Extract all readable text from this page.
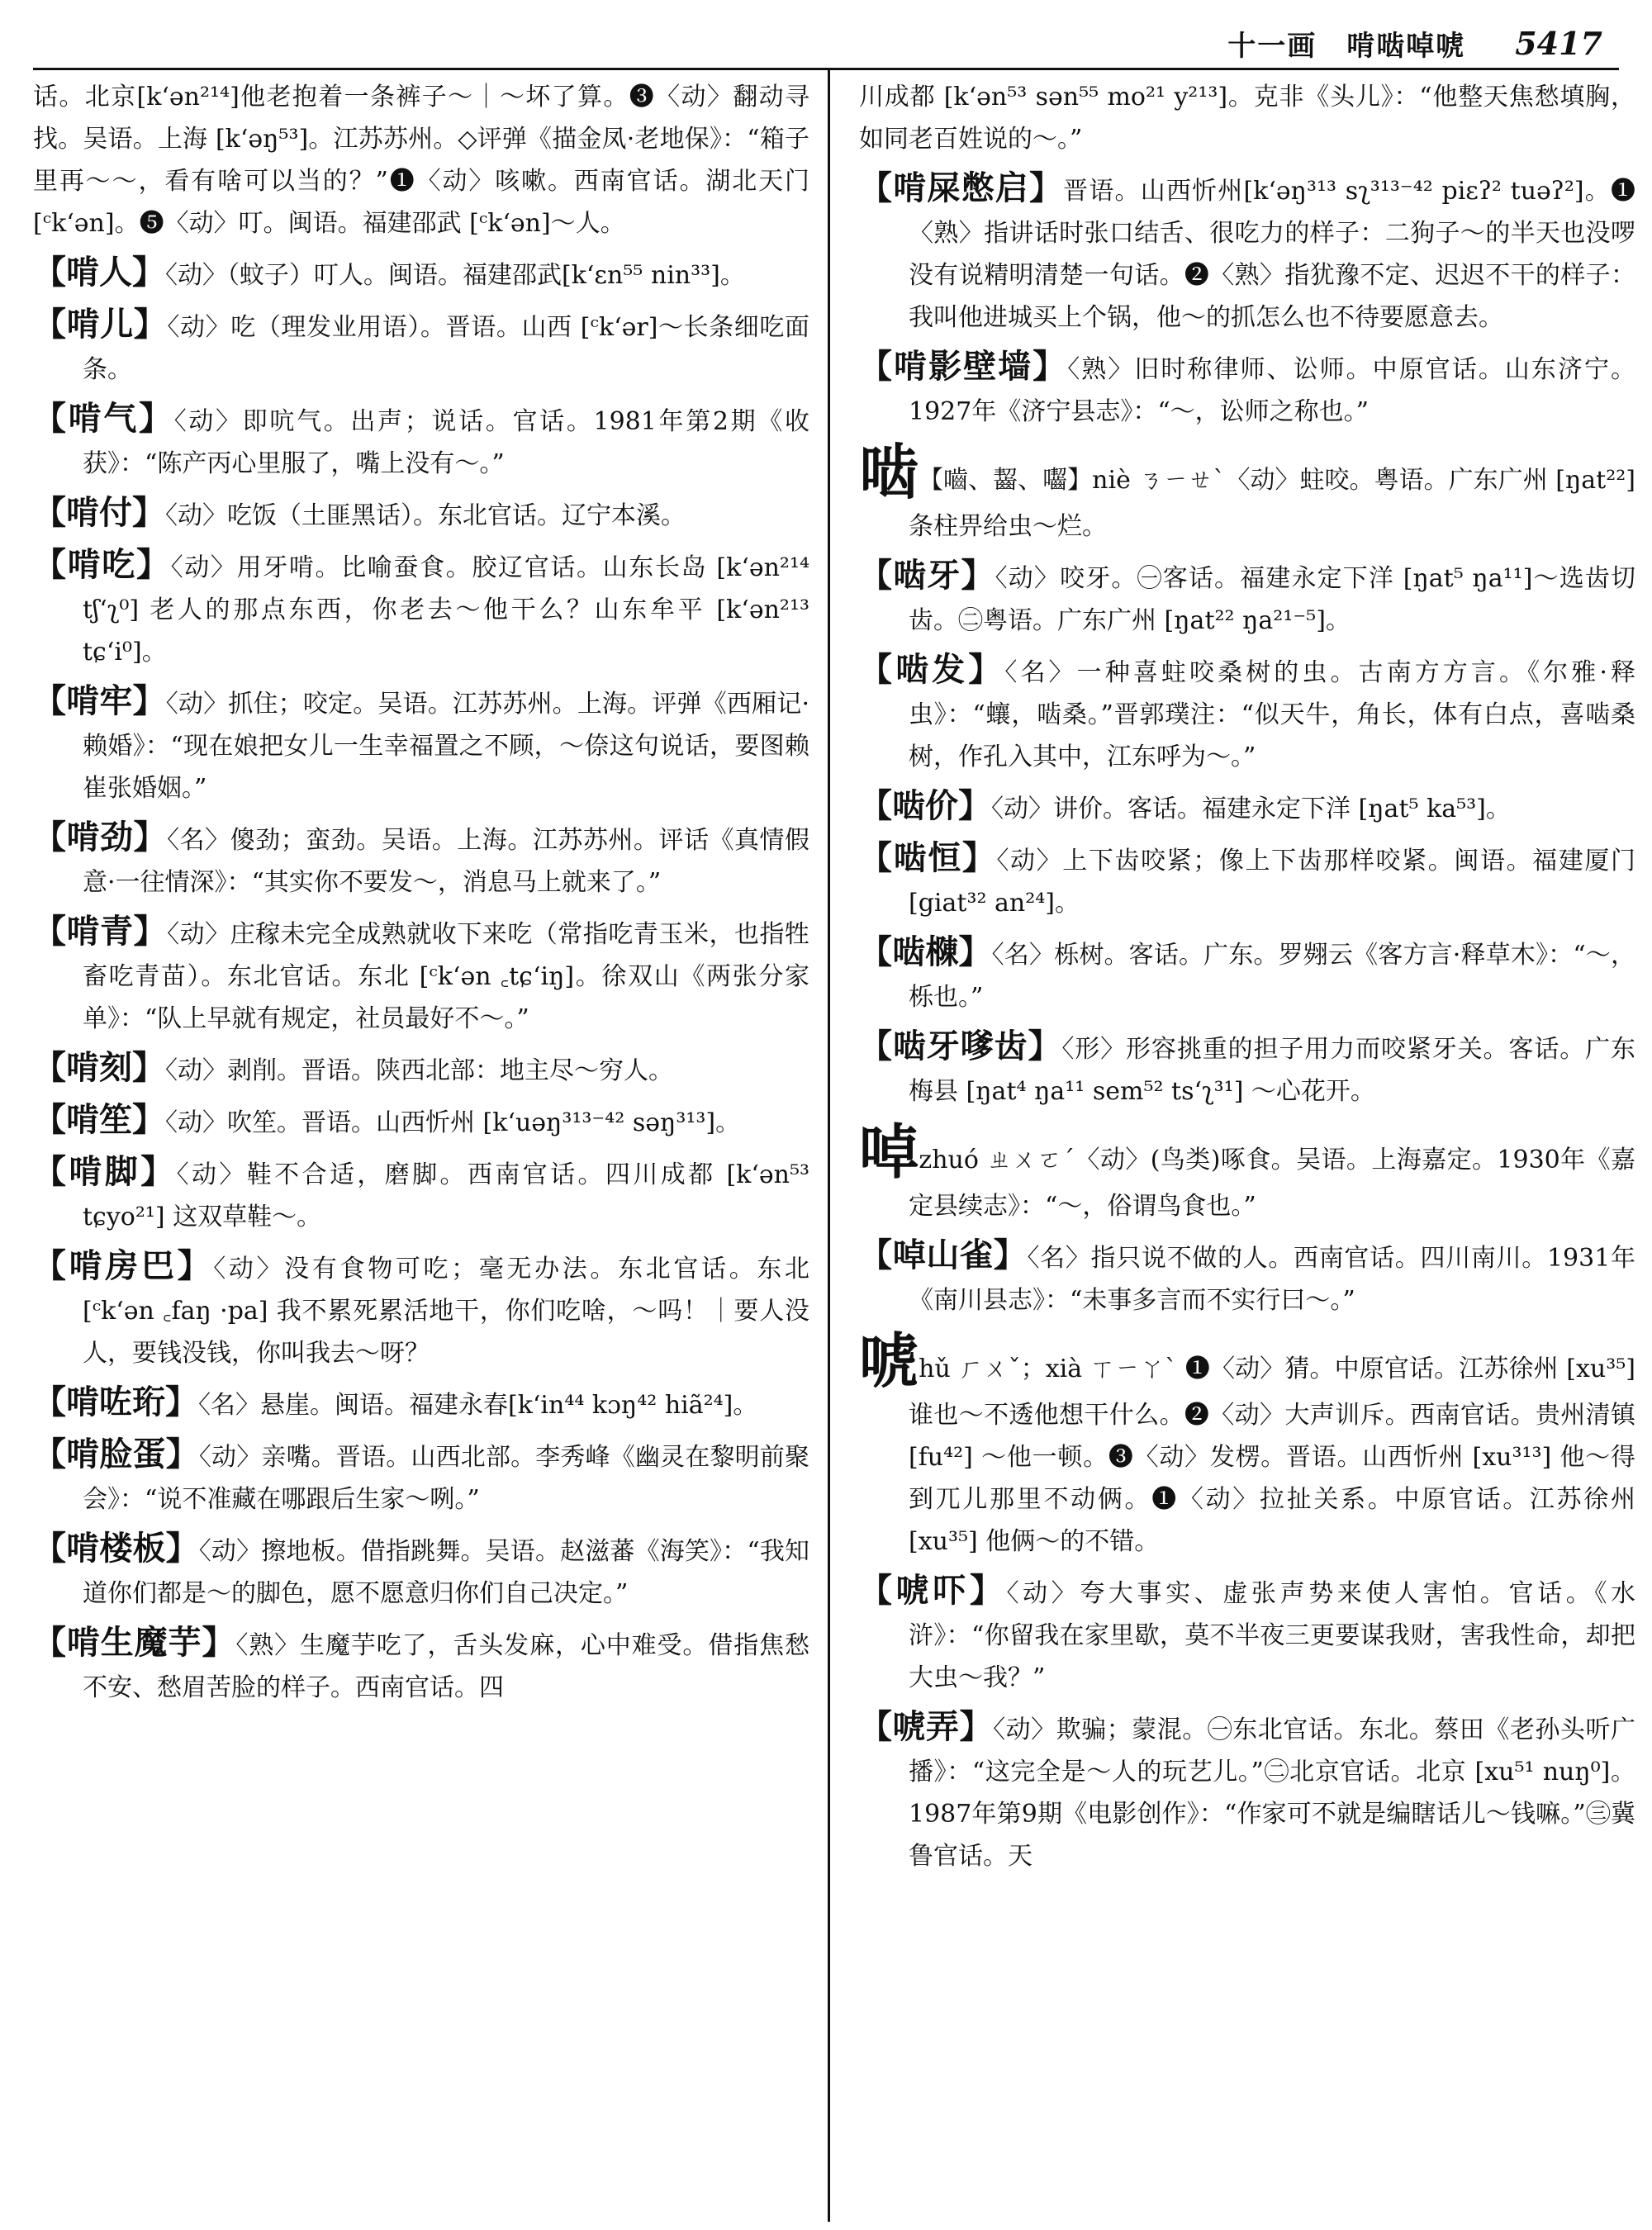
十一画　啃啮啅唬 5417

话。北京[k‘ən²¹⁴]他老抱着一条裤子～｜～坏了算。❸〈动〉翻动寻找。吴语。上海 [k‘əŋ⁵³]。江苏苏州。◇评弹《描金凤·老地保》：“箱子里再～～，看有啥可以当的？”❶〈动〉咳嗽。西南官话。湖北天门[ᶜk‘ən]。❺〈动〉叮。闽语。福建邵武 [ᶜk‘ən]～人。

【啃人】〈动〉（蚊子）叮人。闽语。福建邵武[k‘ɛn⁵⁵ nin³³]。

【啃儿】〈动〉吃（理发业用语）。晋语。山西 [ᶜk‘ər]～长条细吃面条。

【啃气】〈动〉即吭气。出声；说话。官话。1981年第2期《收获》：“陈产丙心里服了，嘴上没有～。”

【啃付】〈动〉吃饭（土匪黑话）。东北官话。辽宁本溪。

【啃吃】〈动〉用牙啃。比喻蚕食。胶辽官话。山东长岛 [k‘ən²¹⁴ tʃ‘ʅ⁰] 老人的那点东西，你老去～他干么？山东牟平 [k‘ən²¹³ tɕ‘i⁰]。

【啃牢】〈动〉抓住；咬定。吴语。江苏苏州。上海。评弹《西厢记·赖婚》：“现在娘把女儿一生幸福置之不顾，～倷这句说话，要图赖崔张婚姻。”

【啃劲】〈名〉傻劲；蛮劲。吴语。上海。江苏苏州。评话《真情假意·一往情深》：“其实你不要发～，消息马上就来了。”

【啃青】〈动〉庄稼未完全成熟就收下来吃（常指吃青玉米，也指牲畜吃青苗）。东北官话。东北 [ᶜk‘ən ꜀tɕ‘iŋ]。徐双山《两张分家单》：“队上早就有规定，社员最好不～。”

【啃刻】〈动〉剥削。晋语。陕西北部：地主尽～穷人。

【啃笙】〈动〉吹笙。晋语。山西忻州 [k‘uəŋ³¹³⁻⁴² səŋ³¹³]。

【啃脚】〈动〉鞋不合适，磨脚。西南官话。四川成都 [k‘ən⁵³ tɕyo²¹] 这双草鞋～。

【啃房巴】〈动〉没有食物可吃；毫无办法。东北官话。东北 [ᶜk‘ən ꜀faŋ ·pa] 我不累死累活地干，你们吃啥，～吗！｜要人没人，要钱没钱，你叫我去～呀？

【啃咗珩】〈名〉悬崖。闽语。福建永春[k‘in⁴⁴ kɔŋ⁴² hiã²⁴]。

【啃脸蛋】〈动〉亲嘴。晋语。山西北部。李秀峰《幽灵在黎明前聚会》：“说不准藏在哪跟后生家～咧。”

【啃楼板】〈动〉擦地板。借指跳舞。吴语。赵滋蕃《海笑》：“我知道你们都是～的脚色，愿不愿意归你们自己决定。”

【啃生魔芋】〈熟〉生魔芋吃了，舌头发麻，心中难受。借指焦愁不安、愁眉苦脸的样子。西南官话。四

川成都 [k‘ən⁵³ sən⁵⁵ mo²¹ y²¹³]。克非《头儿》：“他整天焦愁填胸，如同老百姓说的～。”

【啃屎憋启】晋语。山西忻州[k‘əŋ³¹³ sʅ³¹³⁻⁴² piɛʔ² tuəʔ²]。❶〈熟〉指讲话时张口结舌、很吃力的样子：二狗子～的半天也没啰没有说精明清楚一句话。❷〈熟〉指犹豫不定、迟迟不干的样子：我叫他进城买上个锅，他～的抓怎么也不待要愿意去。

【啃影壁墙】〈熟〉旧时称律师、讼师。中原官话。山东济宁。1927年《济宁县志》：“～，讼师之称也。”

啮【嚙、齧、囓】niè ㄋㄧㄝˋ〈动〉蛀咬。粤语。广东广州 [ŋat²²] 条柱畀给虫～烂。

【啮牙】〈动〉咬牙。㊀客话。福建永定下洋 [ŋat⁵ ŋa¹¹]～选齿切齿。㊁粤语。广东广州 [ŋat²² ŋa²¹⁻⁵]。

【啮发】〈名〉一种喜蛀咬桑树的虫。古南方方言。《尔雅·释虫》：“蠰，啮桑。”晋郭璞注：“似天牛，角长，体有白点，喜啮桑树，作孔入其中，江东呼为～。”

【啮价】〈动〉讲价。客话。福建永定下洋 [ŋat⁵ ka⁵³]。

【啮恒】〈动〉上下齿咬紧；像上下齿那样咬紧。闽语。福建厦门 [giat³² an²⁴]。

【啮樄】〈名〉栎树。客话。广东。罗翙云《客方言·释草木》：“～，栎也。”

【啮牙嗲齿】〈形〉形容挑重的担子用力而咬紧牙关。客话。广东梅县 [ŋat⁴ ŋa¹¹ sem⁵² ts‘ʅ³¹] ～心花开。

啅zhuó ㄓㄨㄛˊ〈动〉(鸟类)啄食。吴语。上海嘉定。1930年《嘉定县续志》：“～，俗谓鸟食也。”

【啅山雀】〈名〉指只说不做的人。西南官话。四川南川。1931年《南川县志》：“未事多言而不实行曰～。”

唬hǔ ㄏㄨˇ；xià ㄒㄧㄚˋ ❶〈动〉猜。中原官话。江苏徐州 [xu³⁵] 谁也～不透他想干什么。❷〈动〉大声训斥。西南官话。贵州清镇 [fu⁴²] ～他一顿。❸〈动〉发楞。晋语。山西忻州 [xu³¹³] 他～得到兀儿那里不动俩。❶〈动〉拉扯关系。中原官话。江苏徐州[xu³⁵] 他俩～的不错。

【唬吓】〈动〉夸大事实、虚张声势来使人害怕。官话。《水浒》：“你留我在家里歇，莫不半夜三更要谋我财，害我性命，却把大虫～我？”

【唬弄】〈动〉欺骗；蒙混。㊀东北官话。东北。蔡田《老孙头听广播》：“这完全是～人的玩艺儿。”㊁北京官话。北京 [xu⁵¹ nuŋ⁰]。1987年第9期《电影创作》：“作家可不就是编瞎话儿～钱嘛。”㊂冀鲁官话。天
